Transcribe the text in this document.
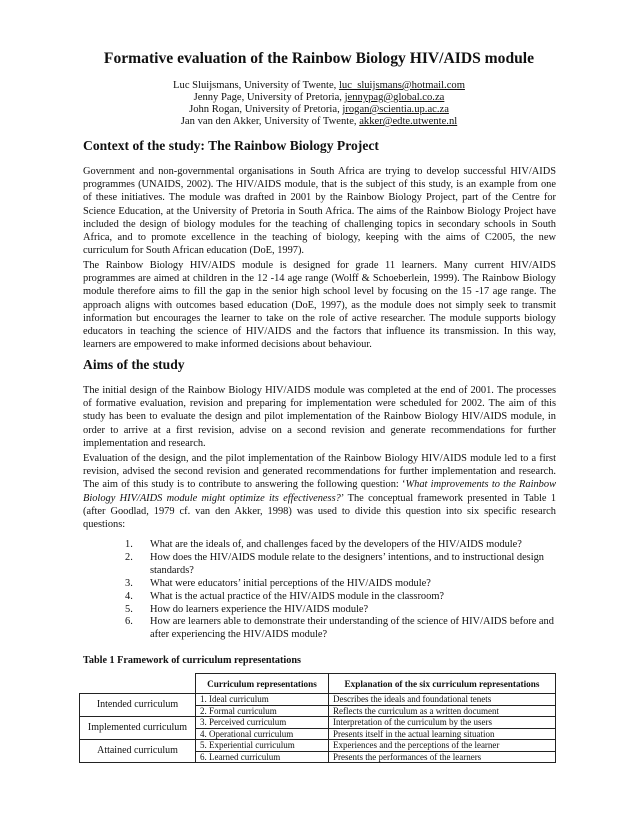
Formative evaluation of the Rainbow Biology HIV/AIDS module
Luc Sluijsmans, University of Twente, luc_sluijsmans@hotmail.com
Jenny Page, University of Pretoria, jennypag@global.co.za
John Rogan, University of Pretoria, jrogan@scientia.up.ac.za
Jan van den Akker, University of Twente, akker@edte.utwente.nl
Context of the study: The Rainbow Biology Project

Government and non-governmental organisations in South Africa are trying to develop successful HIV/AIDS programmes (UNAIDS, 2002). The HIV/AIDS module, that is the subject of this study, is an example from one of these initiatives. The module was drafted in 2001 by the Rainbow Biology Project, part of the Centre for Science Education, at the University of Pretoria in South Africa. The aims of the Rainbow Biology Project have included the design of biology modules for the teaching of challenging topics in secondary schools in South Africa, and to promote excellence in the teaching of biology, keeping with the aims of C2005, the new curriculum for South African education (DoE, 1997).

The Rainbow Biology HIV/AIDS module is designed for grade 11 learners. Many current HIV/AIDS programmes are aimed at children in the 12 -14 age range (Wolff & Schoeberlein, 1999). The Rainbow Biology module therefore aims to fill the gap in the senior high school level by focusing on the 15 -17 age range. The approach aligns with outcomes based education (DoE, 1997), as the module does not simply seek to transmit information but encourages the learner to take on the role of active researcher. The module supports biology educators in teaching the science of HIV/AIDS and the factors that influence its transmission. In this way, learners are empowered to make informed decisions about behaviour.

Aims of the study

The initial design of the Rainbow Biology HIV/AIDS module was completed at the end of 2001. The processes of formative evaluation, revision and preparing for implementation were scheduled for 2002. The aim of this study has been to evaluate the design and pilot implementation of the Rainbow Biology HIV/AIDS module, in order to arrive at a first revision, advise on a second revision and generate recommendations for further implementation and research.

Evaluation of the design, and the pilot implementation of the Rainbow Biology HIV/AIDS module led to a first revision, advised the second revision and generated recommendations for further implementation and research. The aim of this study is to contribute to answering the following question: ‘What improvements to the Rainbow Biology HIV/AIDS module might optimize its effectiveness?’ The conceptual framework presented in Table 1 (after Goodlad, 1979 cf. van den Akker, 1998) was used to divide this question into six specific research questions:

1. What are the ideals of, and challenges faced by the developers of the HIV/AIDS module?
2. How does the HIV/AIDS module relate to the designers’ intentions, and to instructional design standards?
3. What were educators’ initial perceptions of the HIV/AIDS module?
4. What is the actual practice of the HIV/AIDS module in the classroom?
5. How do learners experience the HIV/AIDS module?
6. How are learners able to demonstrate their understanding of the science of HIV/AIDS before and after experiencing the HIV/AIDS module?
Table 1 Framework of curriculum representations
	Curriculum representations	Explanation of the six curriculum representations
Intended curriculum	1. Ideal curriculum	Describes the ideals and foundational tenets
	2. Formal curriculum	Reflects the curriculum as a written document
Implemented curriculum	3. Perceived curriculum	Interpretation of the curriculum by the users
	4. Operational curriculum	Presents itself in the actual learning situation
Attained curriculum	5. Experiential curriculum	Experiences and the perceptions of the learner
	6. Learned curriculum	Presents the performances of the learners
